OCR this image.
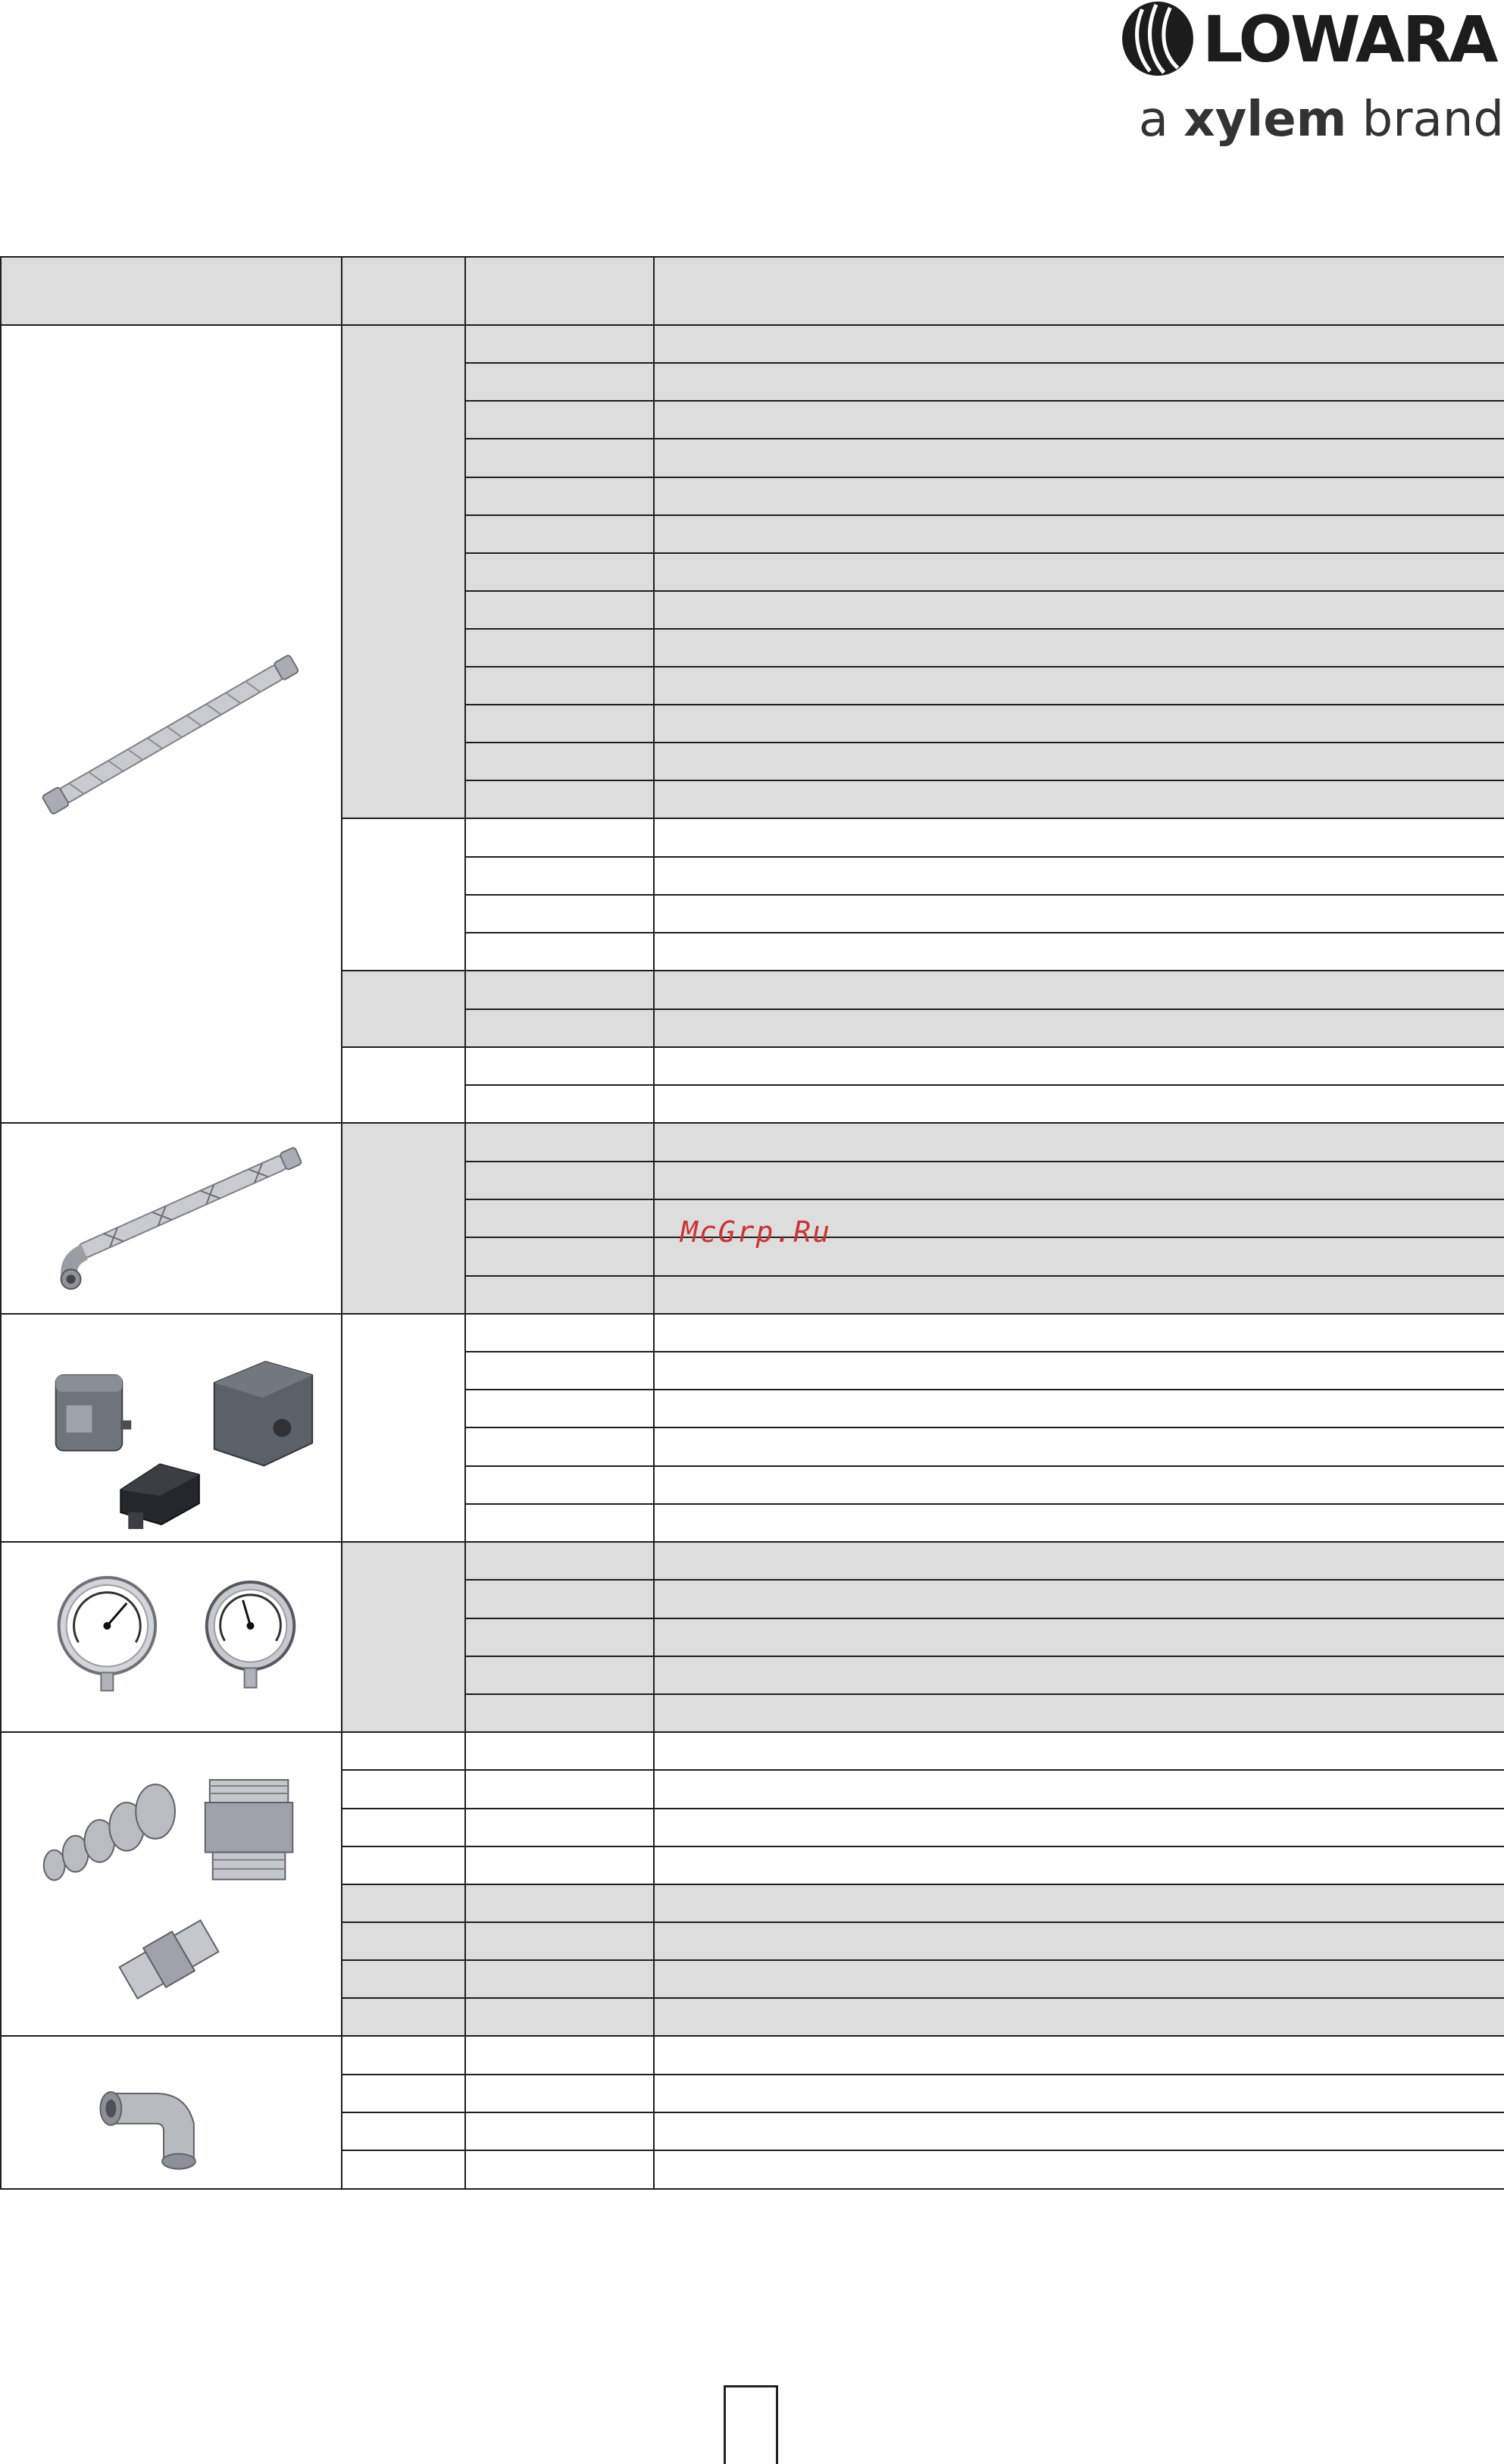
LOWARA
a xylem brand

McGrp.Ru
